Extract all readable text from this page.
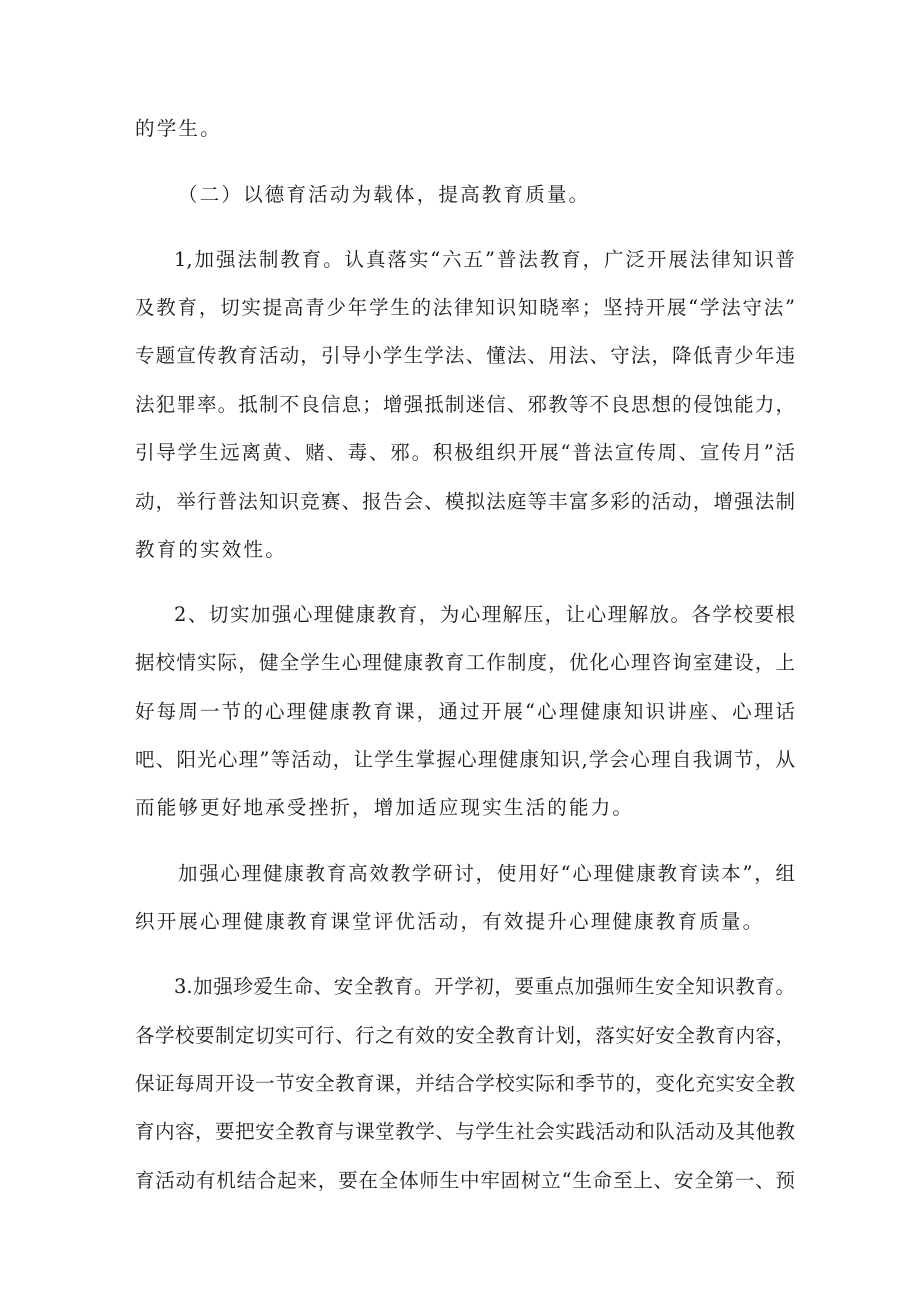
的学生。
（二）以德育活动为载体，提高教育质量。
1,加强法制教育。认真落实“六五”普法教育，广泛开展法律知识普
及教育，切实提高青少年学生的法律知识知晓率；坚持开展“学法守法”
专题宣传教育活动，引导小学生学法、懂法、用法、守法，降低青少年违
法犯罪率。抵制不良信息；增强抵制迷信、邪教等不良思想的侵蚀能力，
引导学生远离黄、赌、毒、邪。积极组织开展“普法宣传周、宣传月”活
动，举行普法知识竞赛、报告会、模拟法庭等丰富多彩的活动，增强法制
教育的实效性。
2、切实加强心理健康教育，为心理解压，让心理解放。各学校要根
据校情实际，健全学生心理健康教育工作制度，优化心理咨询室建设，上
好每周一节的心理健康教育课，通过开展“心理健康知识讲座、心理话
吧、阳光心理”等活动，让学生掌握心理健康知识,学会心理自我调节，从
而能够更好地承受挫折，增加适应现实生活的能力。
加强心理健康教育高效教学研讨，使用好“心理健康教育读本”，组
织开展心理健康教育课堂评优活动，有效提升心理健康教育质量。
3.加强珍爱生命、安全教育。开学初，要重点加强师生安全知识教育。
各学校要制定切实可行、行之有效的安全教育计划，落实好安全教育内容，
保证每周开设一节安全教育课，并结合学校实际和季节的，变化充实安全教
育内容，要把安全教育与课堂教学、与学生社会实践活动和队活动及其他教
育活动有机结合起来，要在全体师生中牢固树立“生命至上、安全第一、预
